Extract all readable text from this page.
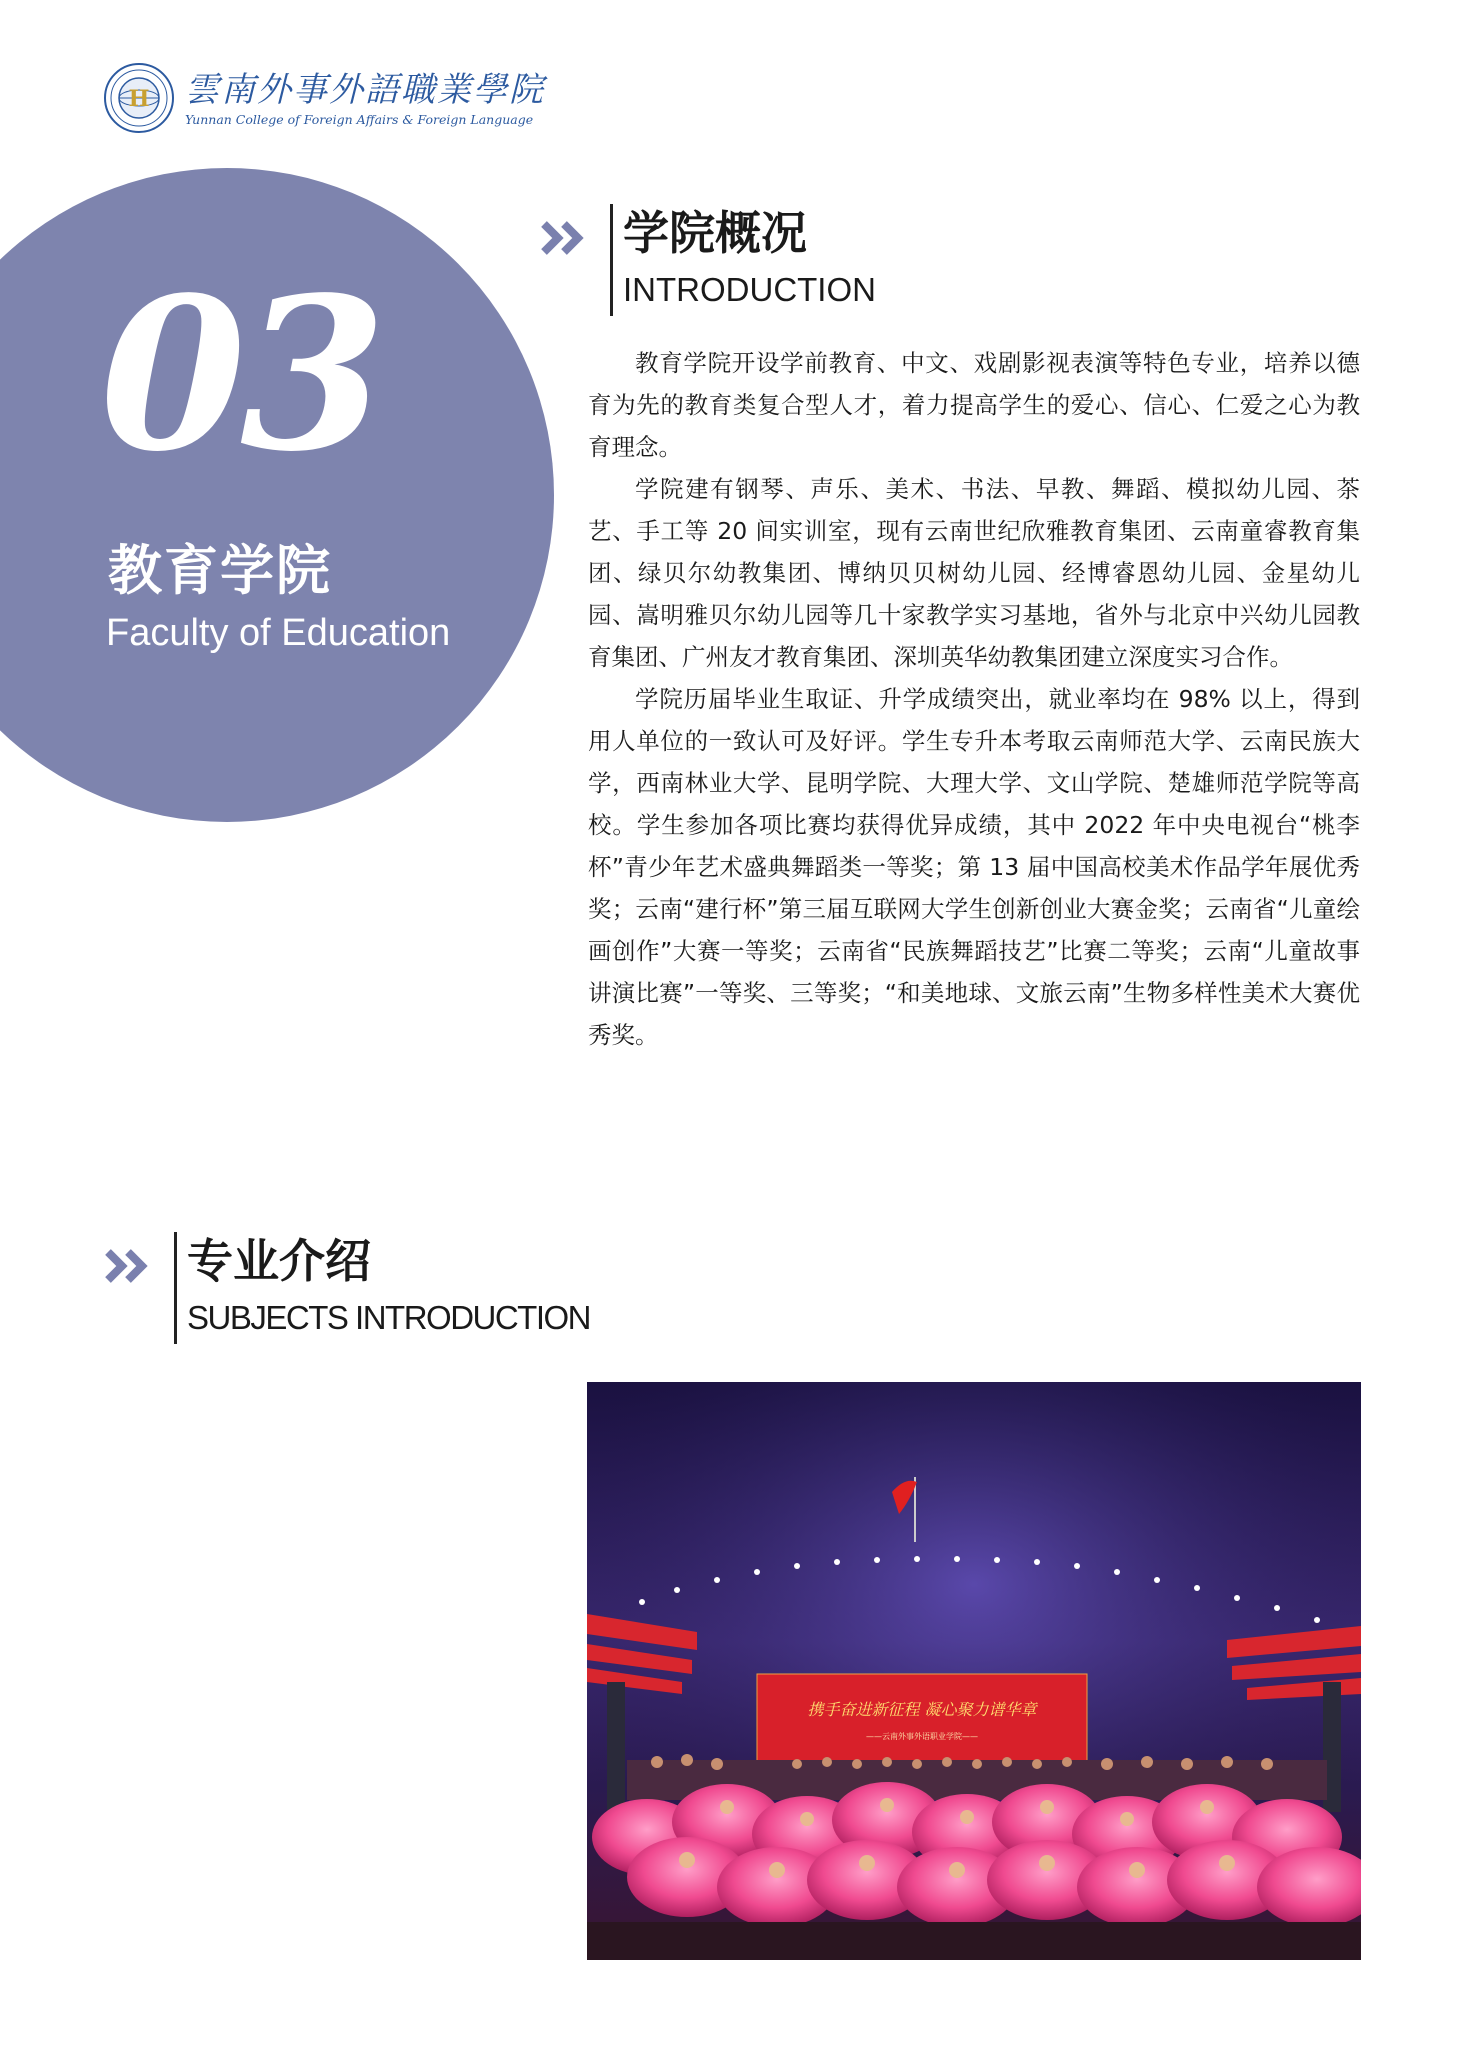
H 雲南外事外語職業學院
Yunnan College of Foreign Affairs & Foreign Language
03
教育学院
Faculty of Education
学院概况
INTRODUCTION

教育学院开设学前教育、中文、戏剧影视表演等特色专业，培养以德育为先的教育类复合型人才，着力提高学生的爱心、信心、仁爱之心为教育理念。

学院建有钢琴、声乐、美术、书法、早教、舞蹈、模拟幼儿园、茶艺、手工等 20 间实训室，现有云南世纪欣雅教育集团、云南童睿教育集团、绿贝尔幼教集团、博纳贝贝树幼儿园、经博睿恩幼儿园、金星幼儿园、嵩明雅贝尔幼儿园等几十家教学实习基地，省外与北京中兴幼儿园教育集团、广州友才教育集团、深圳英华幼教集团建立深度实习合作。

学院历届毕业生取证、升学成绩突出，就业率均在 98% 以上，得到用人单位的一致认可及好评。学生专升本考取云南师范大学、云南民族大学，西南林业大学、昆明学院、大理大学、文山学院、楚雄师范学院等高校。学生参加各项比赛均获得优异成绩，其中 2022 年中央电视台“桃李杯”青少年艺术盛典舞蹈类一等奖；第 13 届中国高校美术作品学年展优秀奖；云南“建行杯”第三届互联网大学生创新创业大赛金奖；云南省“儿童绘画创作”大赛一等奖；云南省“民族舞蹈技艺”比赛二等奖；云南“儿童故事讲演比赛”一等奖、三等奖；“和美地球、文旅云南”生物多样性美术大赛优秀奖。

专业介绍
SUBJECTS INTRODUCTION
携手奋进新征程 凝心聚力谱华章
——云南外事外语职业学院——
